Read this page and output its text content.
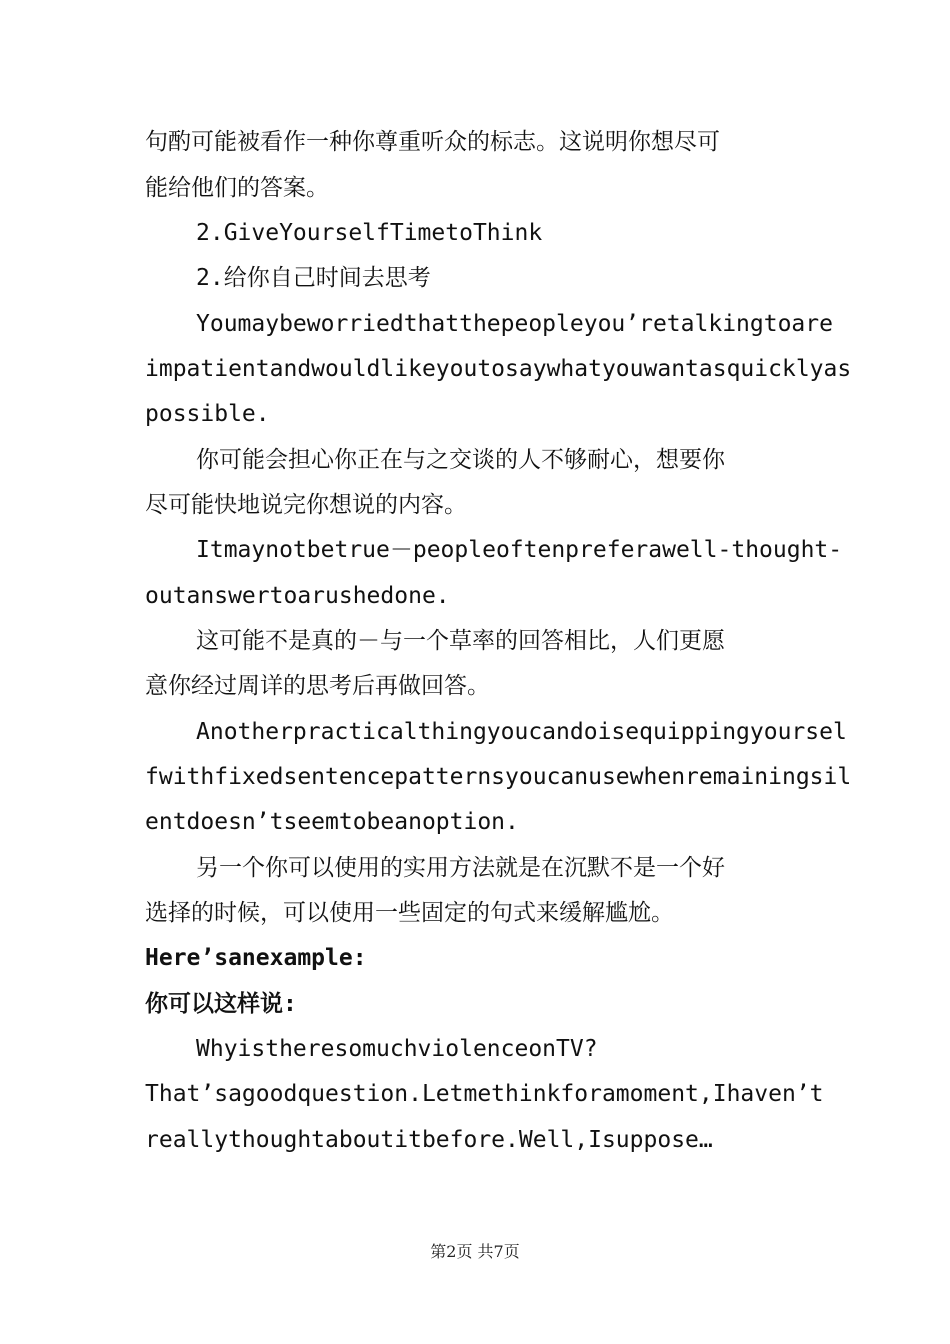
句酌可能被看作一种你尊重听众的标志。这说明你想尽可
能给他们的答案。
2.GiveYourselfTimetoThink
2.给你自己时间去思考
Youmaybeworriedthatthepeopleyou’retalkingtoare
impatientandwouldlikeyoutosaywhatyouwantasquicklyas
possible.
你可能会担心你正在与之交谈的人不够耐心，想要你
尽可能快地说完你想说的内容。
Itmaynotbetrue－peopleoftenpreferawell-thought-
outanswertoarushedone.
这可能不是真的－与一个草率的回答相比，人们更愿
意你经过周详的思考后再做回答。
Anotherpracticalthingyoucandoisequippingyoursel
fwithfixedsentencepatternsyoucanusewhenremainingsil
entdoesn’tseemtobeanoption.
另一个你可以使用的实用方法就是在沉默不是一个好
选择的时候，可以使用一些固定的句式来缓解尴尬。
Here’sanexample:
你可以这样说:
WhyistheresomuchviolenceonTV?
That’sagoodquestion.Letmethinkforamoment,Ihaven’t
reallythoughtaboutitbefore.Well,Isuppose…
第2页 共7页
